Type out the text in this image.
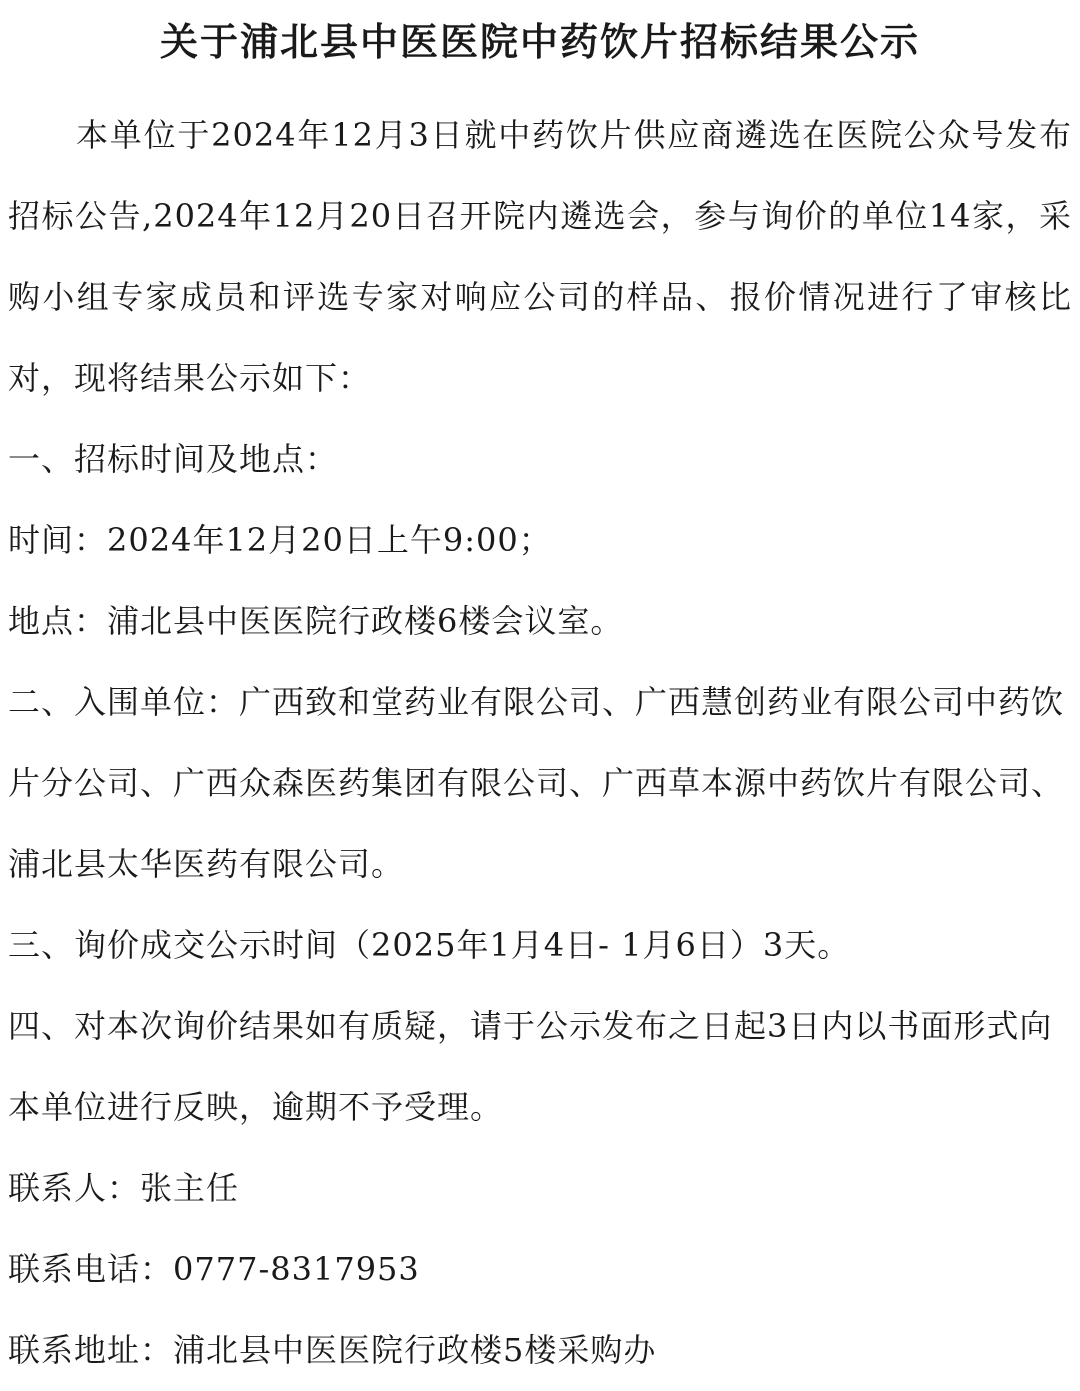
关于浦北县中医医院中药饮片招标结果公示

本单位于2024年12月3日就中药饮片供应商遴选在医院公众号发布招标公告,2024年12月20日召开院内遴选会，参与询价的单位14家，采购小组专家成员和评选专家对响应公司的样品、报价情况进行了审核比对，现将结果公示如下：

一、招标时间及地点：

时间：2024年12月20日上午9:00；

地点：浦北县中医医院行政楼6楼会议室。

二、入围单位：广西致和堂药业有限公司、广西慧创药业有限公司中药饮片分公司、广西众森医药集团有限公司、广西草本源中药饮片有限公司、浦北县太华医药有限公司。

三、询价成交公示时间（2025年1月4日- 1月6日）3天。

四、对本次询价结果如有质疑，请于公示发布之日起3日内以书面形式向本单位进行反映，逾期不予受理。

联系人：张主任

联系电话：0777-8317953

联系地址：浦北县中医医院行政楼5楼采购办
